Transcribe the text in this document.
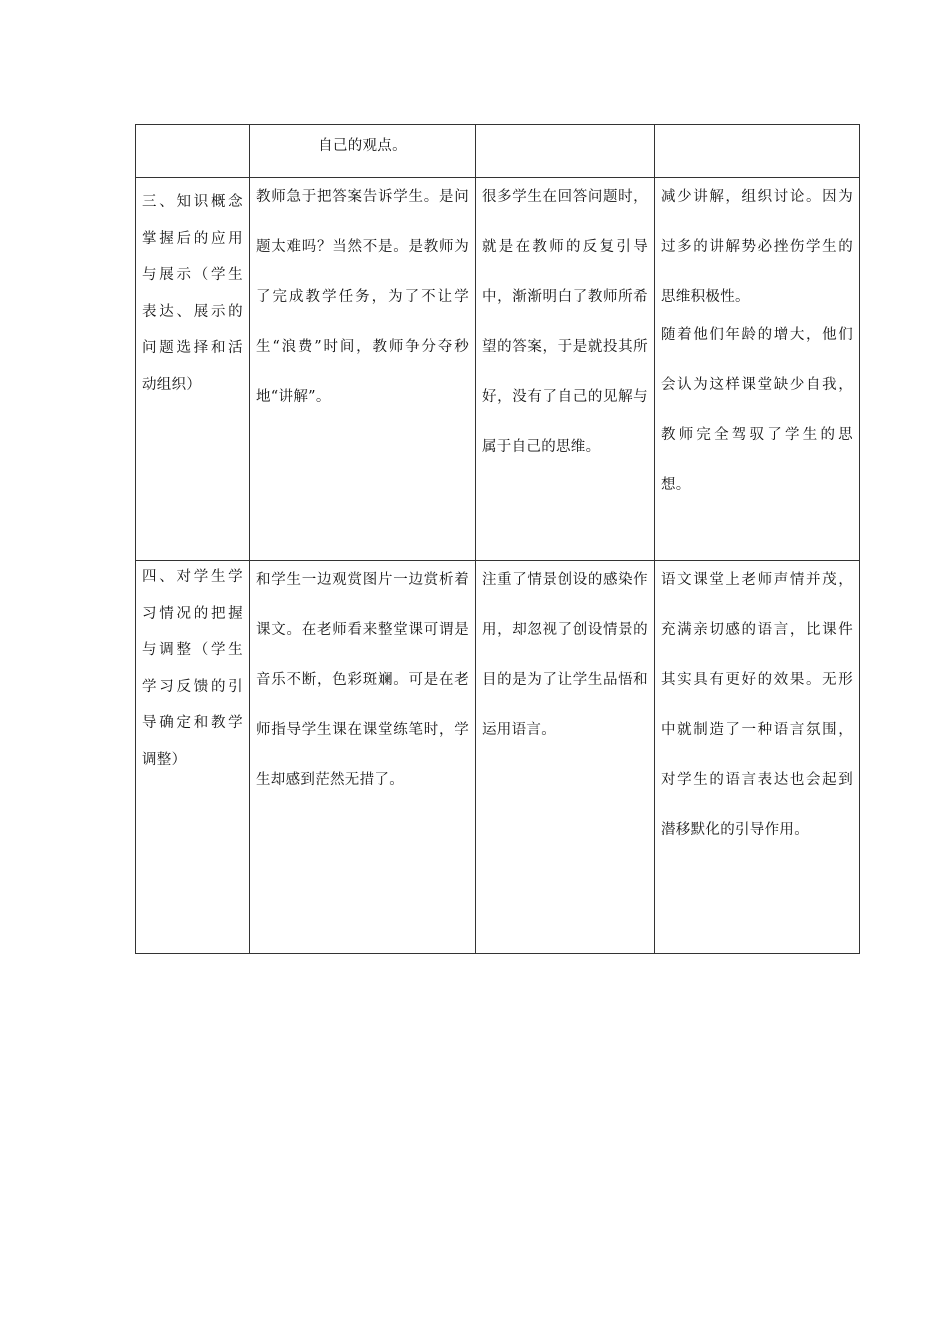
	自己的观点。		

三、知识概念掌握后的应用与展示（学生表达、展示的问题选择和活动组织）	教师急于把答案告诉学生。是问题太难吗？当然不是。是教师为了完成教学任务，为了不让学生“浪费”时间，教师争分夺秒地“讲解”。	很多学生在回答问题时，就是在教师的反复引导中，渐渐明白了教师所希望的答案，于是就投其所好，没有了自己的见解与属于自己的思维。	减少讲解，组织讨论。因为过多的讲解势必挫伤学生的思维积极性。
随着他们年龄的增大，他们会认为这样课堂缺少自我，教师完全驾驭了学生的思想。

四、对学生学习情况的把握与调整（学生学习反馈的引导确定和教学调整）	和学生一边观赏图片一边赏析着课文。在老师看来整堂课可谓是音乐不断，色彩斑斓。可是在老师指导学生课在课堂练笔时，学生却感到茫然无措了。	注重了情景创设的感染作用，却忽视了创设情景的目的是为了让学生品悟和运用语言。	语文课堂上老师声情并茂，充满亲切感的语言，比课件其实具有更好的效果。无形中就制造了一种语言氛围，对学生的语言表达也会起到潜移默化的引导作用。
